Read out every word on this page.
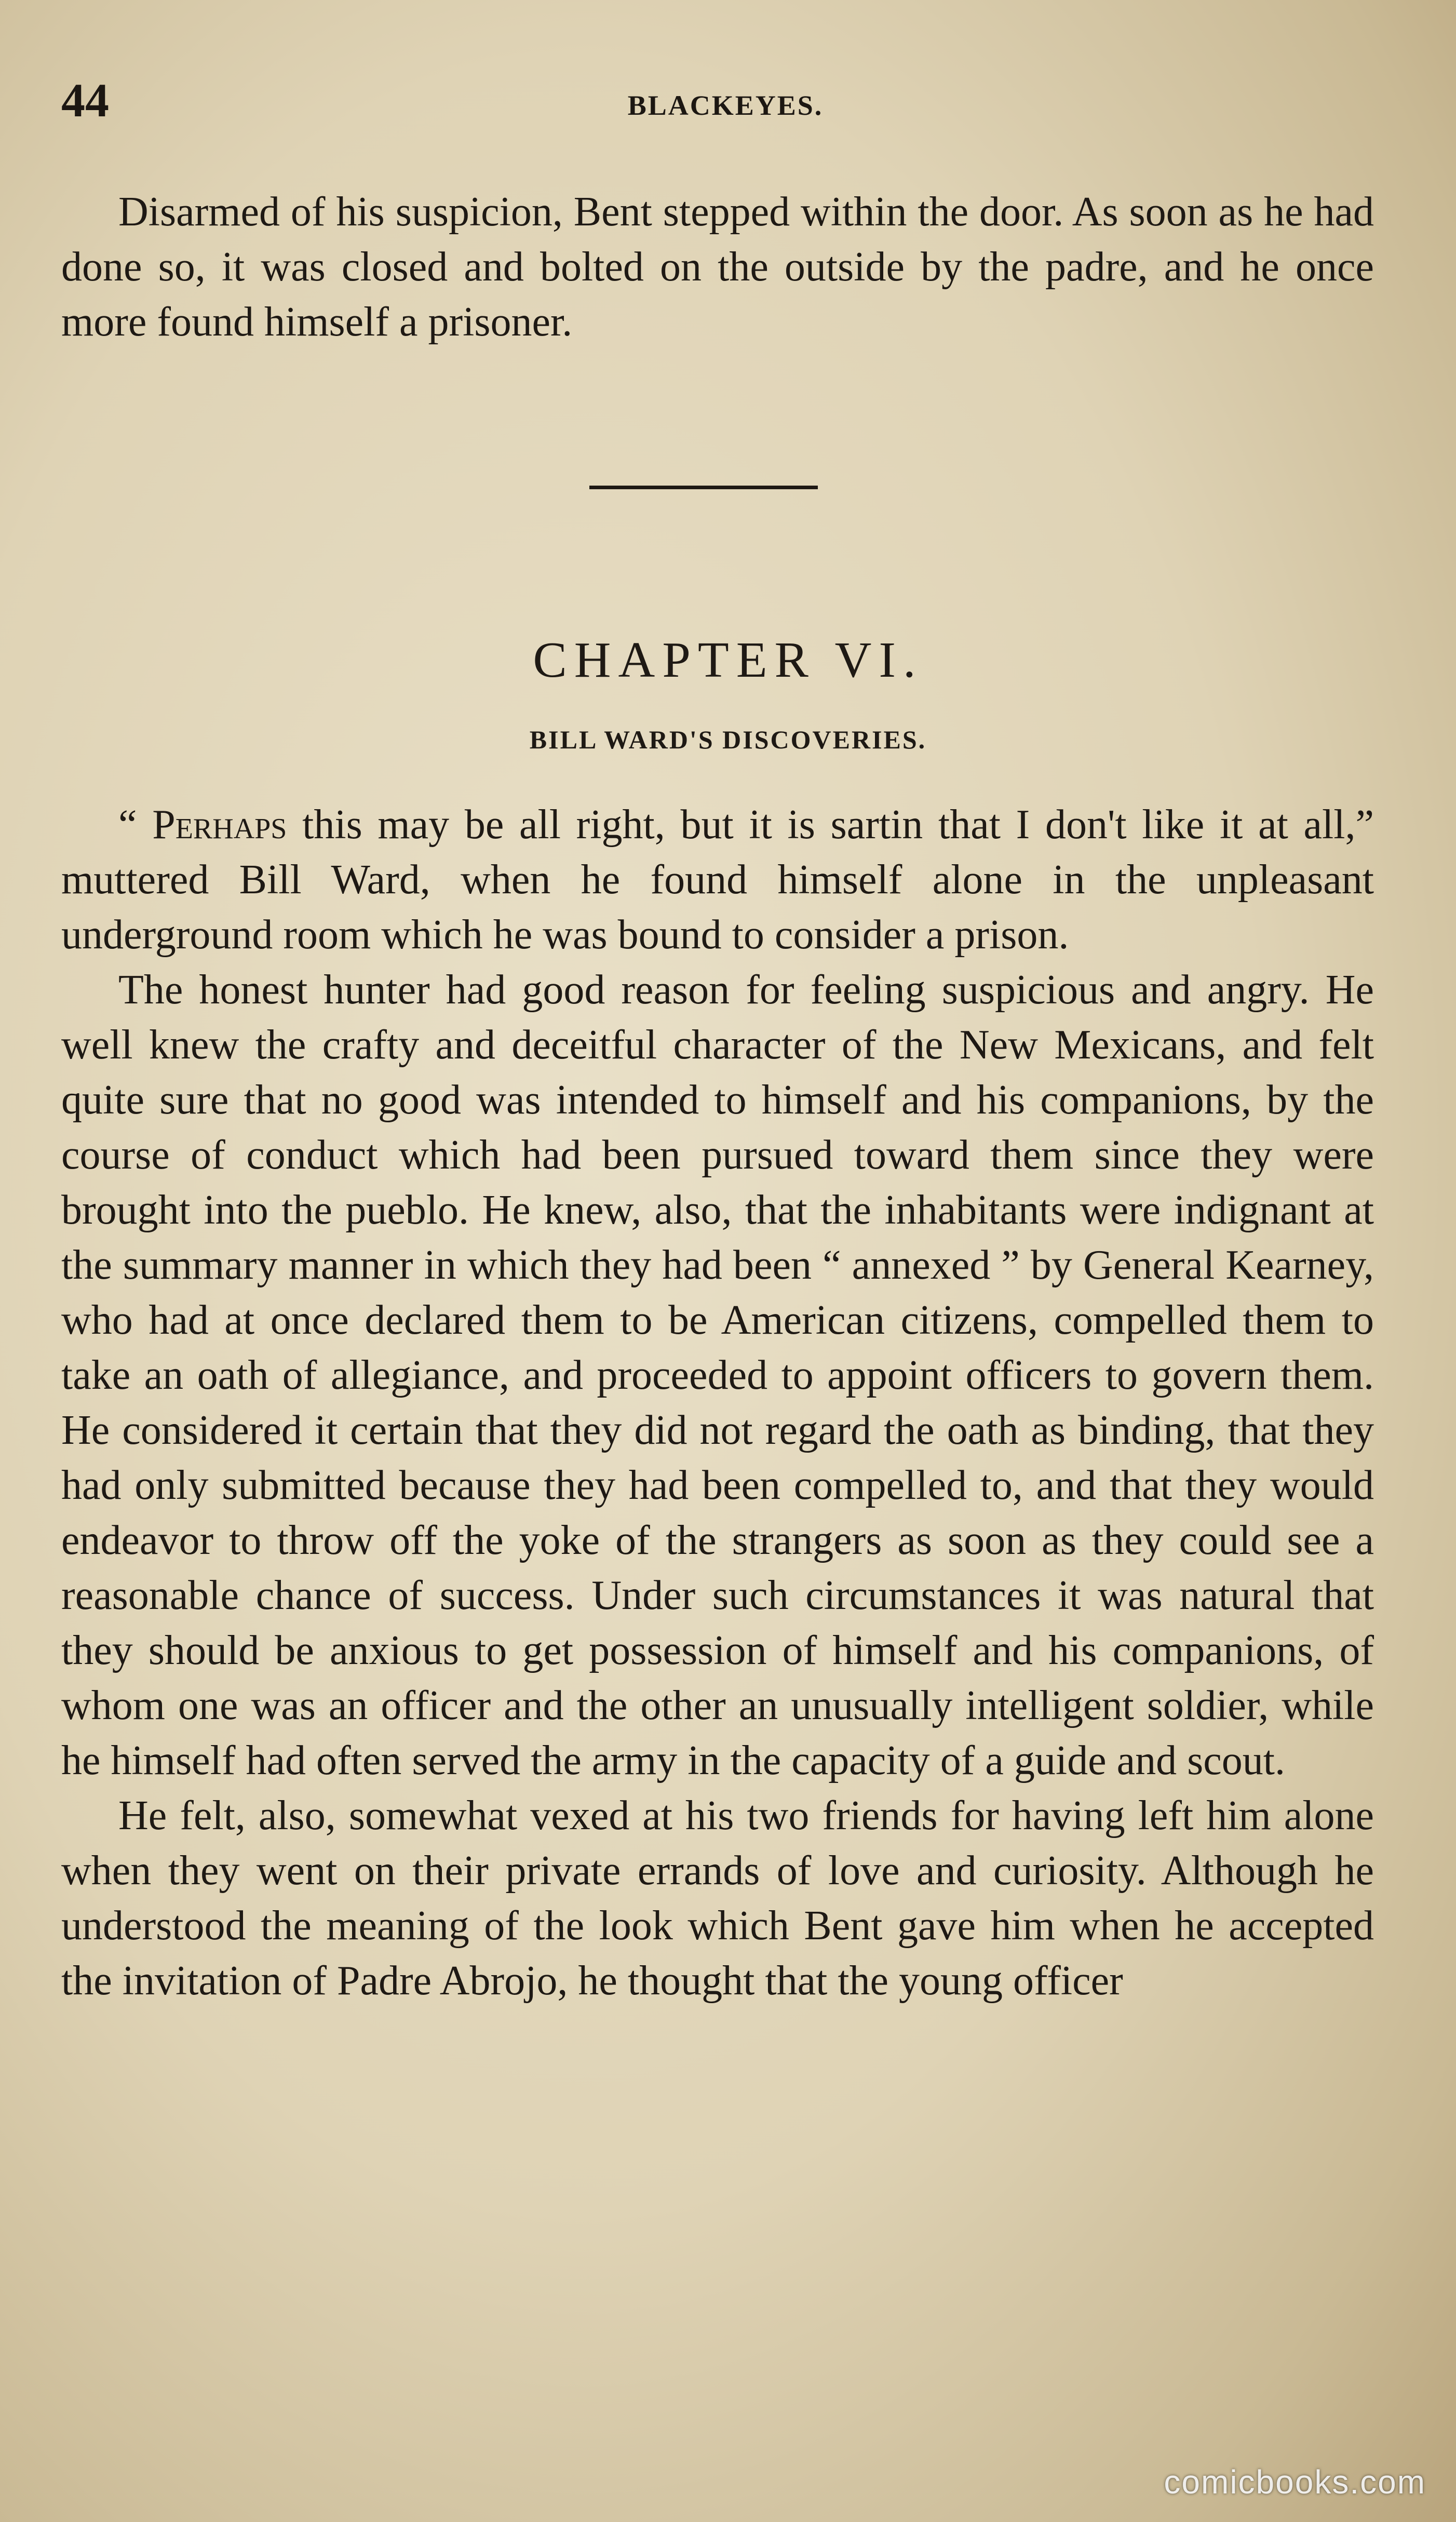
44	BLACKEYES.

Disarmed of his suspicion, Bent stepped within the door. As soon as he had done so, it was closed and bolted on the outside by the padre, and he once more found himself a prisoner.

CHAPTER VI.
BILL WARD'S DISCOVERIES.

“ Perhaps this may be all right, but it is sartin that I don't like it at all,” muttered Bill Ward, when he found himself alone in the unpleasant underground room which he was bound to consider a prison.

The honest hunter had good reason for feeling suspicious and angry. He well knew the crafty and deceitful character of the New Mexicans, and felt quite sure that no good was intended to himself and his companions, by the course of conduct which had been pursued toward them since they were brought into the pueblo. He knew, also, that the inhabitants were indignant at the summary manner in which they had been “ annexed ” by General Kearney, who had at once declared them to be American citizens, compelled them to take an oath of allegiance, and proceeded to appoint officers to govern them. He considered it certain that they did not regard the oath as binding, that they had only submitted because they had been compelled to, and that they would endeavor to throw off the yoke of the strangers as soon as they could see a reasonable chance of success. Under such circumstances it was natural that they should be anxious to get possession of himself and his companions, of whom one was an officer and the other an unusually intelligent soldier, while he himself had often served the army in the capacity of a guide and scout.

He felt, also, somewhat vexed at his two friends for having left him alone when they went on their private errands of love and curiosity. Although he understood the meaning of the look which Bent gave him when he accepted the invitation of Padre Abrojo, he thought that the young officer

comicbooks.com
